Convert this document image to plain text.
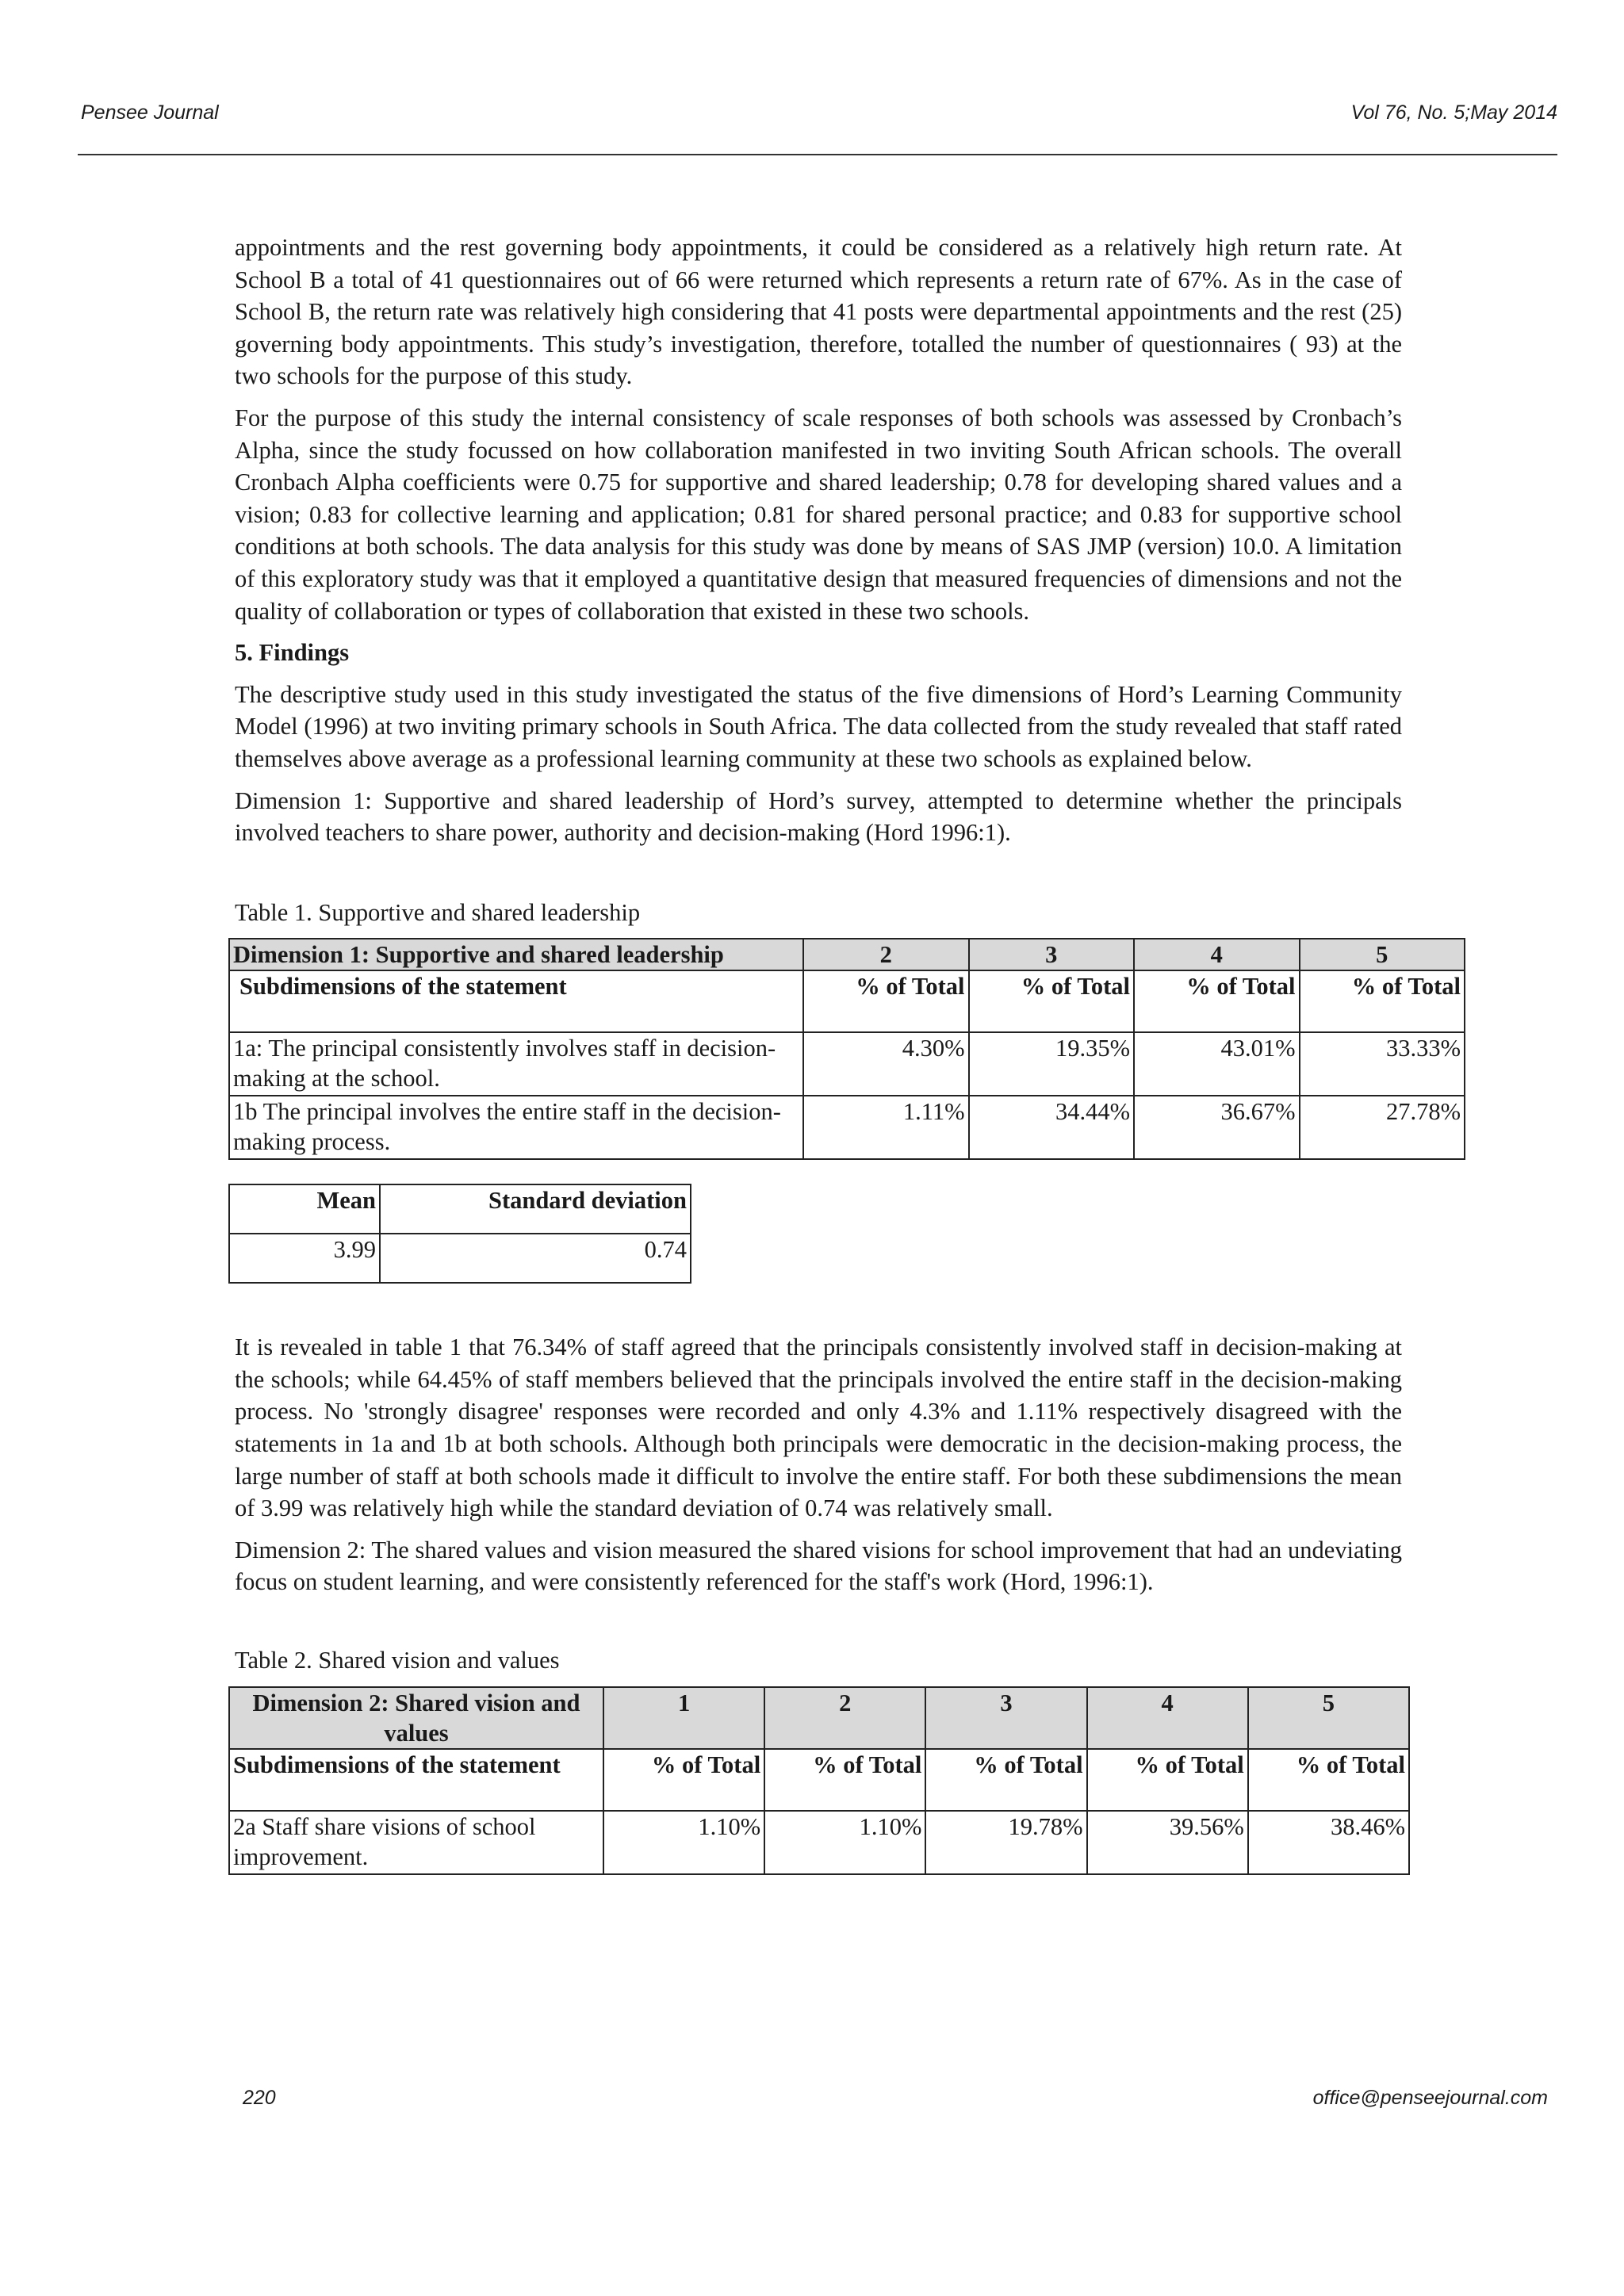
Pensee Journal	Vol 76, No. 5;May 2014

appointments and the rest governing body appointments, it could be considered as a relatively high return rate. At School B a total of 41 questionnaires out of 66 were returned which represents a return rate of 67%. As in the case of School B, the return rate was relatively high considering that 41 posts were departmental appointments and the rest (25) governing body appointments. This study’s investigation, therefore, totalled the number of questionnaires ( 93) at the two schools for the purpose of this study.

For the purpose of this study the internal consistency of scale responses of both schools was assessed by Cronbach’s Alpha, since the study focussed on how collaboration manifested in two inviting South African schools. The overall Cronbach Alpha coefficients were 0.75 for supportive and shared leadership; 0.78 for developing shared values and a vision; 0.83 for collective learning and application; 0.81 for shared personal practice; and 0.83 for supportive school conditions at both schools. The data analysis for this study was done by means of SAS JMP (version) 10.0. A limitation of this exploratory study was that it employed a quantitative design that measured frequencies of dimensions and not the quality of collaboration or types of collaboration that existed in these two schools.

5. Findings

The descriptive study used in this study investigated the status of the five dimensions of Hord’s Learning Community Model (1996) at two inviting primary schools in South Africa. The data collected from the study revealed that staff rated themselves above average as a professional learning community at these two schools as explained below.

Dimension 1: Supportive and shared leadership of Hord’s survey, attempted to determine whether the principals involved teachers to share power, authority and decision-making (Hord 1996:1).

Table 1. Supportive and shared leadership

Dimension 1: Supportive and shared leadership	2	3	4	5
Subdimensions of the statement	% of Total	% of Total	% of Total	% of Total
1a: The principal consistently involves staff in decision-making at the school.	4.30%	19.35%	43.01%	33.33%
1b The principal involves the entire staff in the decision-making process.	1.11%	34.44%	36.67%	27.78%
Mean	Standard deviation
3.99	0.74

It is revealed in table 1 that 76.34% of staff agreed that the principals consistently involved staff in decision-making at the schools; while 64.45% of staff members believed that the principals involved the entire staff in the decision-making process. No 'strongly disagree' responses were recorded and only 4.3% and 1.11% respectively disagreed with the statements in 1a and 1b at both schools. Although both principals were democratic in the decision-making process, the large number of staff at both schools made it difficult to involve the entire staff. For both these subdimensions the mean of 3.99 was relatively high while the standard deviation of 0.74 was relatively small.

Dimension 2: The shared values and vision measured the shared visions for school improvement that had an undeviating focus on student learning, and were consistently referenced for the staff's work (Hord, 1996:1).

Table 2. Shared vision and values

Dimension 2: Shared vision and values	1	2	3	4	5
Subdimensions of the statement	% of Total	% of Total	% of Total	% of Total	% of Total
2a Staff share visions of school improvement.	1.10%	1.10%	19.78%	39.56%	38.46%
220	office@penseejournal.com
